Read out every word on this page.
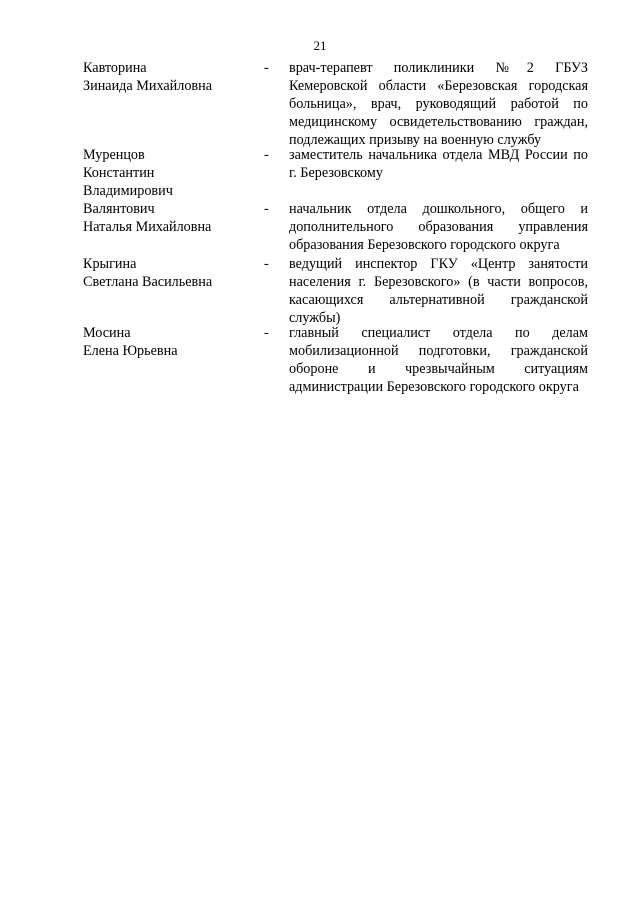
21
Кавторина
Зинаида Михайловна
-	врач-терапевт поликлиники №2 ГБУЗ Кемеровской области «Березовская городская больница», врач, руководящий работой по медицинскому освидетельствованию граждан, подлежащих призыву на военную службу
Муренцов
Константин
Владимирович
-	заместитель начальника отдела МВД России по г. Березовскому
Валянтович
Наталья Михайловна
-	начальник отдела дошкольного, общего и дополнительного образования управления образования Березовского городского округа
Крыгина
Светлана Васильевна
-	ведущий инспектор ГКУ «Центр занятости населения г. Березовского» (в части вопросов, касающихся альтернативной гражданской службы)
Мосина
Елена Юрьевна
-	главный специалист отдела по делам мобилизационной подготовки, гражданской обороне и чрезвычайным ситуациям администрации Березовского городского округа
